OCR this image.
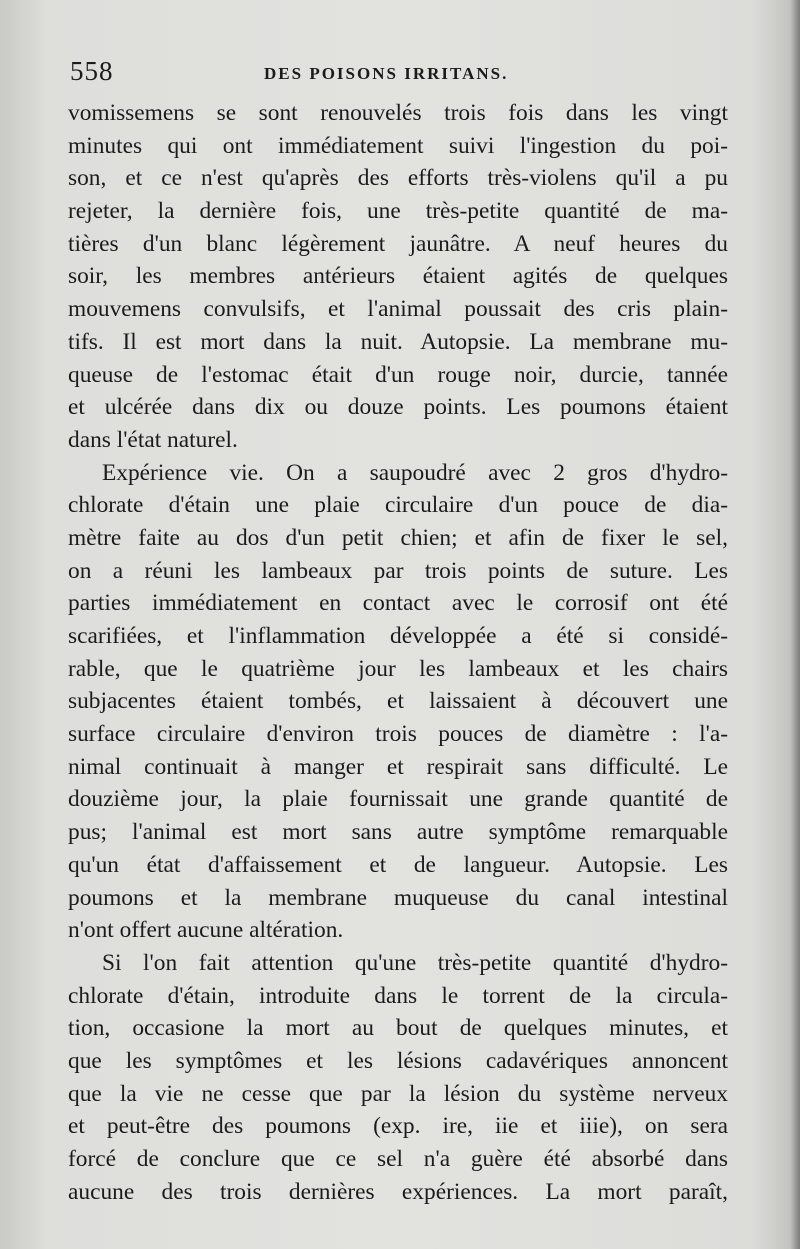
558	DES POISONS IRRITANS.
vomissemens se sont renouvelés trois fois dans les vingt
minutes qui ont immédiatement suivi l'ingestion du poi-
son, et ce n'est qu'après des efforts très-violens qu'il a pu
rejeter, la dernière fois, une très-petite quantité de ma-
tières d'un blanc légèrement jaunâtre. A neuf heures du
soir, les membres antérieurs étaient agités de quelques
mouvemens convulsifs, et l'animal poussait des cris plain-
tifs. Il est mort dans la nuit. Autopsie. La membrane mu-
queuse de l'estomac était d'un rouge noir, durcie, tannée
et ulcérée dans dix ou douze points. Les poumons étaient
dans l'état naturel.
Expérience vie. On a saupoudré avec 2 gros d'hydro-
chlorate d'étain une plaie circulaire d'un pouce de dia-
mètre faite au dos d'un petit chien; et afin de fixer le sel,
on a réuni les lambeaux par trois points de suture. Les
parties immédiatement en contact avec le corrosif ont été
scarifiées, et l'inflammation développée a été si considé-
rable, que le quatrième jour les lambeaux et les chairs
subjacentes étaient tombés, et laissaient à découvert une
surface circulaire d'environ trois pouces de diamètre : l'a-
nimal continuait à manger et respirait sans difficulté. Le
douzième jour, la plaie fournissait une grande quantité de
pus; l'animal est mort sans autre symptôme remarquable
qu'un état d'affaissement et de langueur. Autopsie. Les
poumons et la membrane muqueuse du canal intestinal
n'ont offert aucune altération.
Si l'on fait attention qu'une très-petite quantité d'hydro-
chlorate d'étain, introduite dans le torrent de la circula-
tion, occasione la mort au bout de quelques minutes, et
que les symptômes et les lésions cadavériques annoncent
que la vie ne cesse que par la lésion du système nerveux
et peut-être des poumons (exp. ire, iie et iiie), on sera
forcé de conclure que ce sel n'a guère été absorbé dans
aucune des trois dernières expériences. La mort paraît,
